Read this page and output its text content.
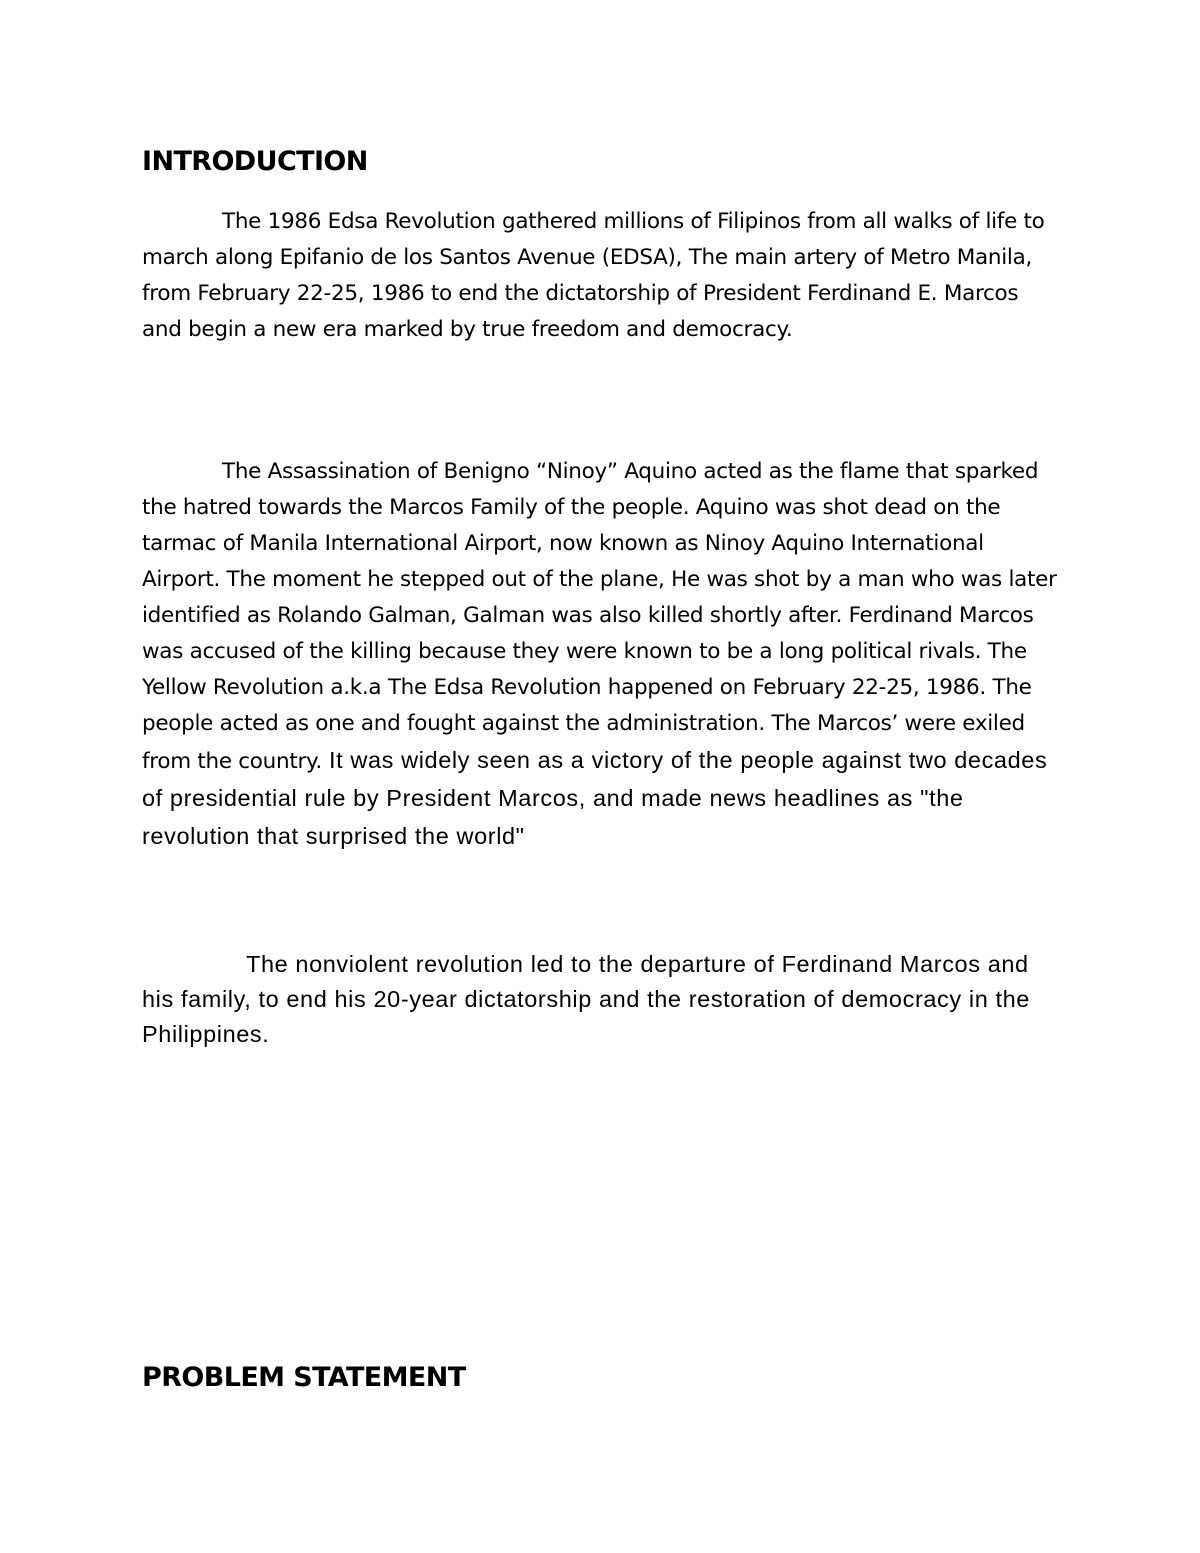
INTRODUCTION

The 1986 Edsa Revolution gathered millions of Filipinos from all walks of life to march along Epifanio de los Santos Avenue (EDSA), The main artery of Metro Manila, from February 22-25, 1986 to end the dictatorship of President Ferdinand E. Marcos and begin a new era marked by true freedom and democracy.

The Assassination of Benigno “Ninoy” Aquino acted as the flame that sparked the hatred towards the Marcos Family of the people. Aquino was shot dead on the tarmac of Manila International Airport, now known as Ninoy Aquino International Airport. The moment he stepped out of the plane, He was shot by a man who was later identified as Rolando Galman, Galman was also killed shortly after. Ferdinand Marcos was accused of the killing because they were known to be a long political rivals. The Yellow Revolution a.k.a The Edsa Revolution happened on February 22-25, 1986. The people acted as one and fought against the administration. The Marcos’ were exiled from the country. It was widely seen as a victory of the people against two decades of presidential rule by President Marcos, and made news headlines as "the revolution that surprised the world"

The nonviolent revolution led to the departure of Ferdinand Marcos and his family, to end his 20-year dictatorship and the restoration of democracy in the Philippines.

PROBLEM STATEMENT
